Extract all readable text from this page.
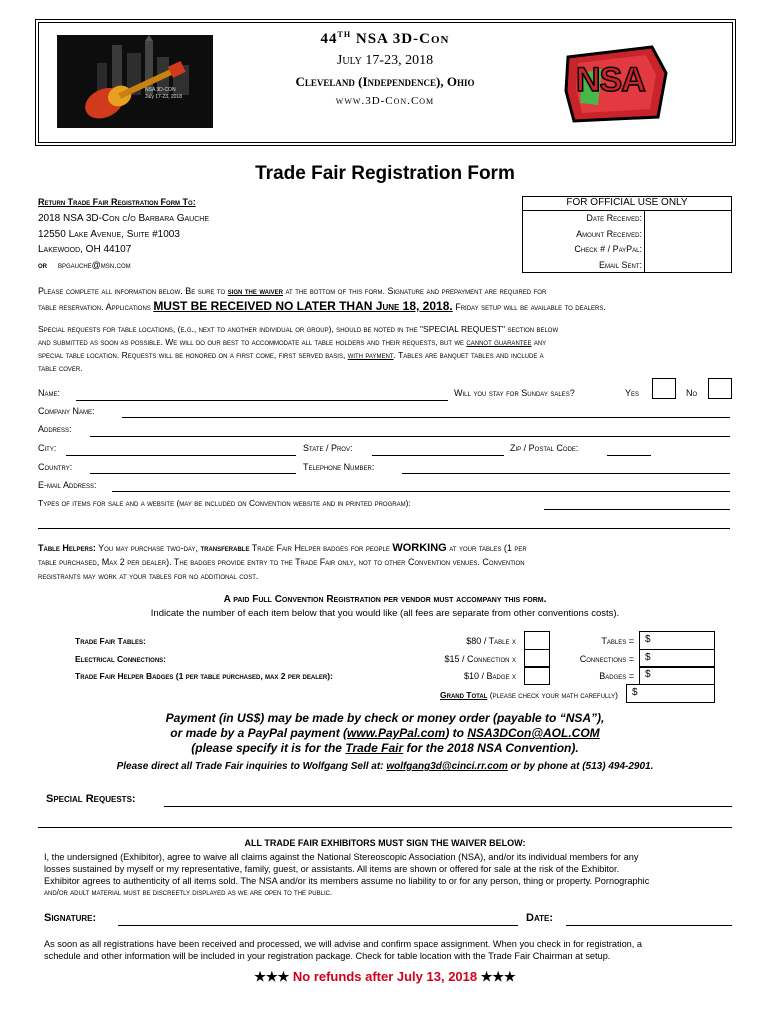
NSA 3D-CON
July 17-23, 2018
44TH NSA 3D-Con
July 17-23, 2018
Cleveland (Independence), Ohio
www.3D-Con.Com
NSA
Trade Fair Registration Form
Return Trade Fair Registration Form To:
2018 NSA 3D-Con c/o Barbara Gauche
12550 Lake Avenue, Suite #1003
Lakewood, OH 44107
or bpgauche@msn.com
FOR OFFICIAL USE ONLY
Date Received:
Amount Received:
Check # / PayPal:
Email Sent:
Please complete all information below. Be sure to sign the waiver at the bottom of this form. Signature and prepayment are required for
table reservation. Applications MUST BE RECEIVED NO LATER THAN June 18, 2018. Friday setup will be available to dealers.
Special requests for table locations, (e.g., next to another individual or group), should be noted in the "SPECIAL REQUEST" section below
and submitted as soon as possible. We will do our best to accommodate all table holders and their requests, but we cannot guarantee any
special table location. Requests will be honored on a first come, first served basis, with payment. Tables are banquet tables and include a
table cover.
Name:	Will you stay for Sunday sales?	Yes	No
Company Name:
Address:
City:	State / Prov:	Zip / Postal Code:
Country:	Telephone Number:
E-mail Address:
Types of items for sale and a website (may be included on Convention website and in printed program):
Table Helpers: You may purchase two-day, transferable Trade Fair Helper badges for people WORKING at your tables (1 per
table purchased, Max 2 per dealer). The badges provide entry to the Trade Fair only, not to other Convention venues. Convention
registrants may work at your tables for no additional cost.
A paid Full Convention Registration per vendor must accompany this form.
Indicate the number of each item below that you would like (all fees are separate from other conventions costs).
Trade Fair Tables:	$80 / Table x	Tables = $
Electrical Connections:	$15 / Connection x	Connections = $
Trade Fair Helper Badges (1 per table purchased, max 2 per dealer):	$10 / Badge x	Badges = $
Grand Total (please check your math carefully) $
Payment (in US$) may be made by check or money order (payable to “NSA”),
or made by a PayPal payment (www.PayPal.com) to NSA3DCon@AOL.COM
(please specify it is for the Trade Fair for the 2018 NSA Convention).
Please direct all Trade Fair inquiries to Wolfgang Sell at: wolfgang3d@cinci.rr.com or by phone at (513) 494-2901.
Special Requests:
ALL TRADE FAIR EXHIBITORS MUST SIGN THE WAIVER BELOW:
I, the undersigned (Exhibitor), agree to waive all claims against the National Stereoscopic Association (NSA), and/or its individual members for any
losses sustained by myself or my representative, family, guest, or assistants. All items are shown or offered for sale at the risk of the Exhibitor.
Exhibitor agrees to authenticity of all items sold. The NSA and/or its members assume no liability to or for any person, thing or property. Pornographic
and/or adult material must be discreetly displayed as we are open to the public.
Signature:	Date:
As soon as all registrations have been received and processed, we will advise and confirm space assignment. When you check in for registration, a
schedule and other information will be included in your registration package. Check for table location with the Trade Fair Chairman at setup.
★★★ No refunds after July 13, 2018 ★★★
